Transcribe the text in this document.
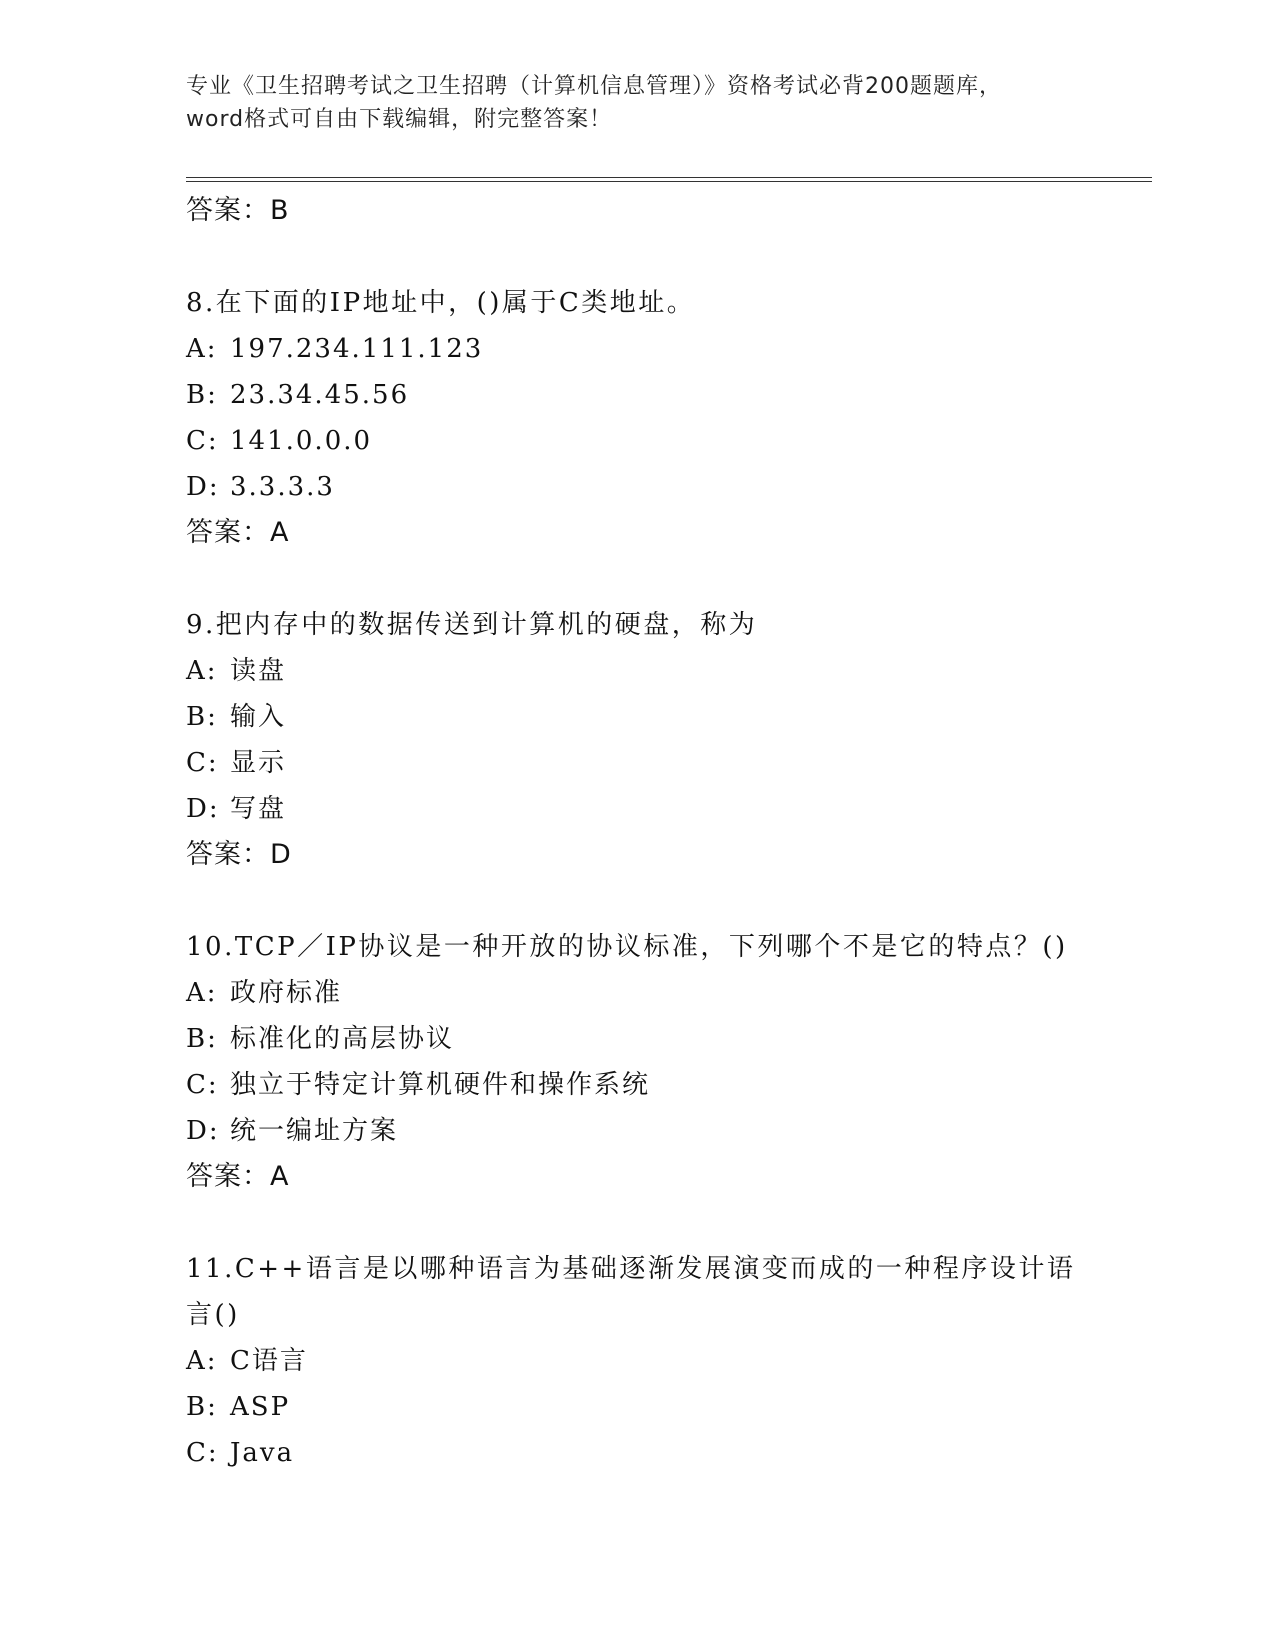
专业《卫生招聘考试之卫生招聘（计算机信息管理）》资格考试必背200题题库，
word格式可自由下载编辑，附完整答案！
答案：B
8.在下面的IP地址中，()属于C类地址。
A: 197.234.111.123
B: 23.34.45.56
C: 141.0.0.0
D: 3.3.3.3
答案：A
9.把内存中的数据传送到计算机的硬盘，称为
A: 读盘
B: 输入
C: 显示
D: 写盘
答案：D
10.TCP／IP协议是一种开放的协议标准，下列哪个不是它的特点？()
A: 政府标准
B: 标准化的高层协议
C: 独立于特定计算机硬件和操作系统
D: 统一编址方案
答案：A
11.C++语言是以哪种语言为基础逐渐发展演变而成的一种程序设计语言()
A: C语言
B: ASP
C: Java
